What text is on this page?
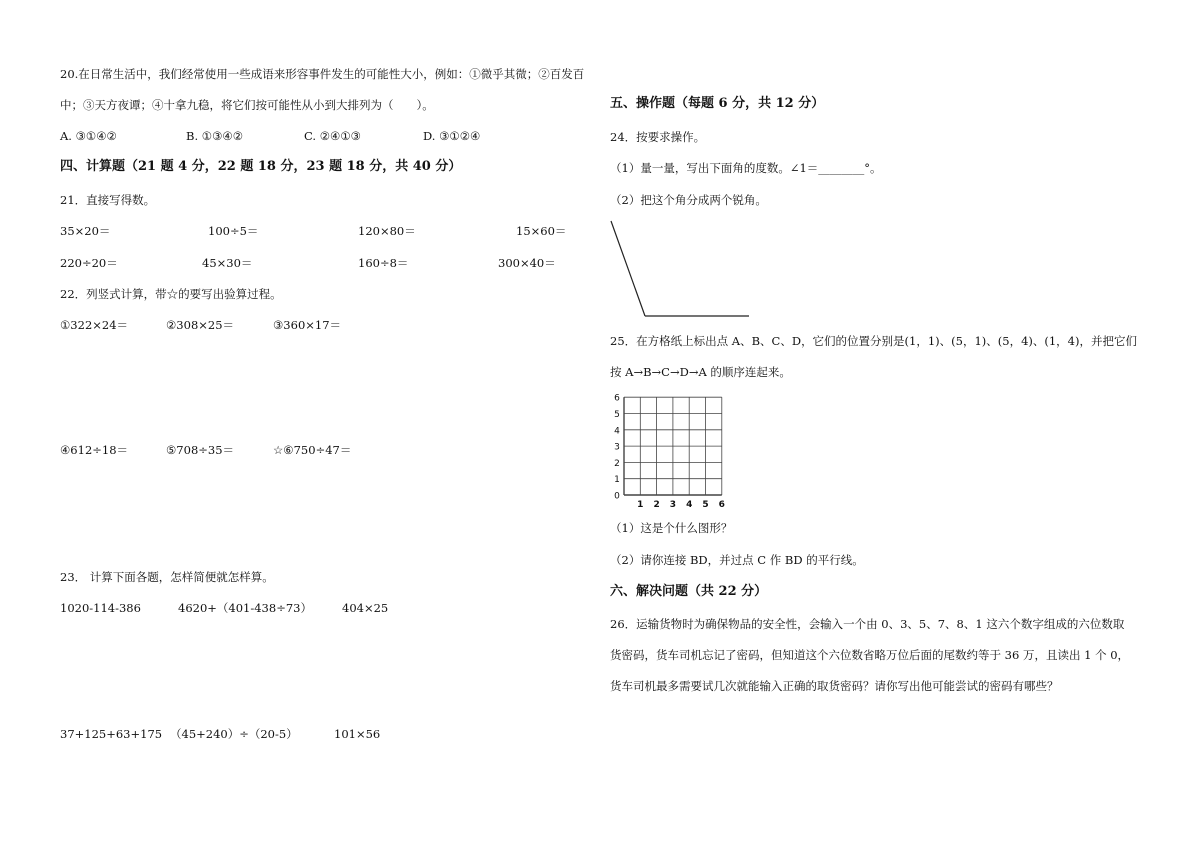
20.在日常生活中，我们经常使用一些成语来形容事件发生的可能性大小，例如：①微乎其微；②百发百
中；③天方夜谭；④十拿九稳，将它们按可能性从小到大排列为（　　）。
A. ③①④②	B. ①③④②	C. ②④①③	D. ③①②④
四、计算题（21 题 4 分，22 题 18 分，23 题 18 分，共 40 分）
21．直接写得数。
35×20＝	100÷5＝	120×80＝	15×60＝
220÷20＝	45×30＝	160÷8＝	300×40＝
22．列竖式计算，带☆的要写出验算过程。
①322×24＝	②308×25＝	③360×17＝
④612÷18＝	⑤708÷35＝	☆⑥750÷47＝
23． 计算下面各题，怎样简便就怎样算。
1020-114-386	4620+（401-438÷73）	404×25
37+125+63+175 （45+240）÷（20-5）	101×56
五、操作题（每题 6 分，共 12 分）
24．按要求操作。
（1）量一量，写出下面角的度数。∠1＝________°。
（2）把这个角分成两个锐角。
25．在方格纸上标出点 A、B、C、D，它们的位置分别是(1，1)、(5，1)、(5，4)、(1，4)，并把它们
按 A→B→C→D→A 的顺序连起来。
6
5
4
3
2
1
0
1 2 3 4 5 6
（1）这是个什么图形？
（2）请你连接 BD，并过点 C 作 BD 的平行线。
六、解决问题（共 22 分）
26．运输货物时为确保物品的安全性，会输入一个由 0、3、5、7、8、1 这六个数字组成的六位数取
货密码，货车司机忘记了密码，但知道这个六位数省略万位后面的尾数约等于 36 万，且读出 1 个 0，
货车司机最多需要试几次就能输入正确的取货密码？请你写出他可能尝试的密码有哪些？
